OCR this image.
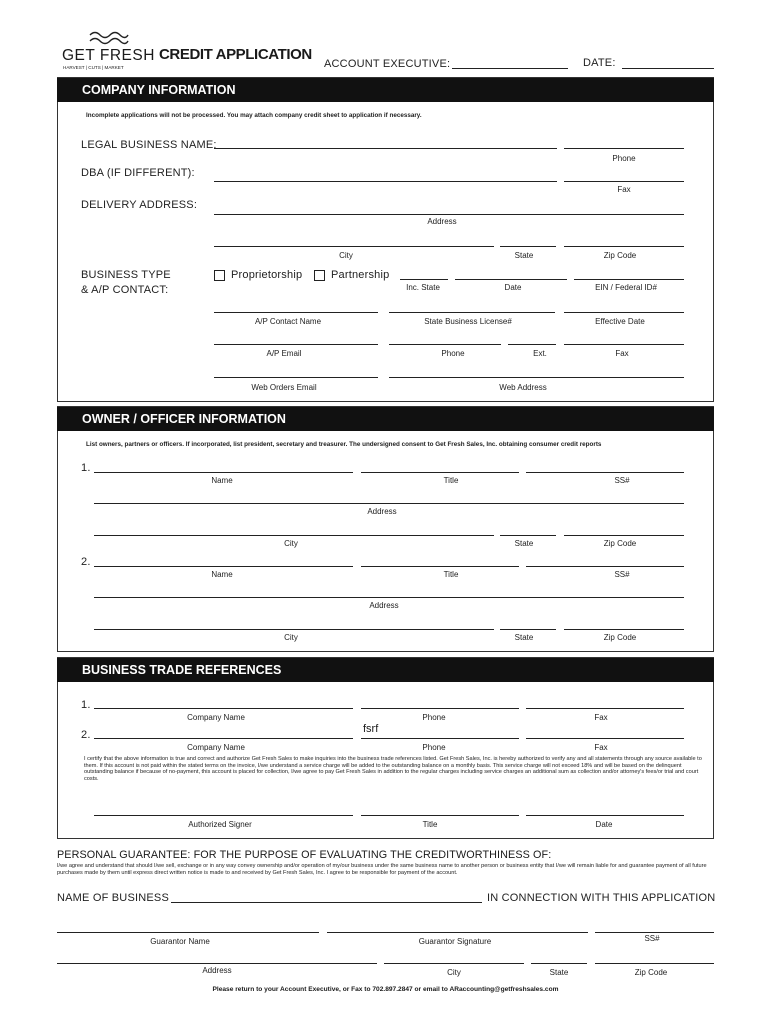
GET FRESH
HARVEST | CUTS | MARKET
CREDIT APPLICATION
ACCOUNT EXECUTIVE:	DATE:
COMPANY INFORMATION
Incomplete applications will not be processed. You may attach company credit sheet to application if necessary.
LEGAL BUSINESS NAME:
Phone
DBA (IF DIFFERENT):
Fax
DELIVERY ADDRESS:
Address
City	State	Zip Code
BUSINESS TYPE
& A/P CONTACT:
Proprietorship	Partnership
Inc. State	Date	EIN / Federal ID#
A/P Contact Name	State Business License#	Effective Date
A/P Email	Phone	Ext.	Fax
Web Orders Email	Web Address
OWNER / OFFICER INFORMATION
List owners, partners or officers. If incorporated, list president, secretary and treasurer. The undersigned consent to Get Fresh Sales, Inc. obtaining consumer credit reports
1.
Name	Title	SS#
Address
City	State	Zip Code
2.
Name	Title	SS#
Address
City	State	Zip Code
BUSINESS TRADE REFERENCES
1.
Company Name	Phone	Fax
2.	fsrf
Company Name	Phone	Fax
I certify that the above information is true and correct and authorize Get Fresh Sales to make inquiries into the business trade references listed. Get Fresh Sales, Inc. is hereby authorized to verify any and all statements through any source available to them. If this account is not paid within the stated terms on the invoice, I/we understand a service charge will be added to the outstanding balance on a monthly basis. This service charge will not exceed 18% and will be based on the delinquent outstanding balance if because of no-payment, this account is placed for collection, I/we agree to pay Get Fresh Sales in addition to the regular charges including service charges an additional sum as collection and/or attorney's fees/or trial and court costs.
Authorized Signer	Title	Date
PERSONAL GUARANTEE: FOR THE PURPOSE OF EVALUATING THE CREDITWORTHINESS OF:
I/we agree and understand that should I/we sell, exchange or in any way convey ownership and/or operation of my/our business under the same business name to another person or business entity that I/we will remain liable for and guarantee payment of all future purchases made by them until express direct written notice is made to and received by Get Fresh Sales, Inc. I agree to be responsible for payment of the account.
NAME OF BUSINESS	IN CONNECTION WITH THIS APPLICATION
Guarantor Name	Guarantor Signature	SS#
Address	City	State	Zip Code
Please return to your Account Executive, or Fax to 702.897.2847 or email to ARaccounting@getfreshsales.com
